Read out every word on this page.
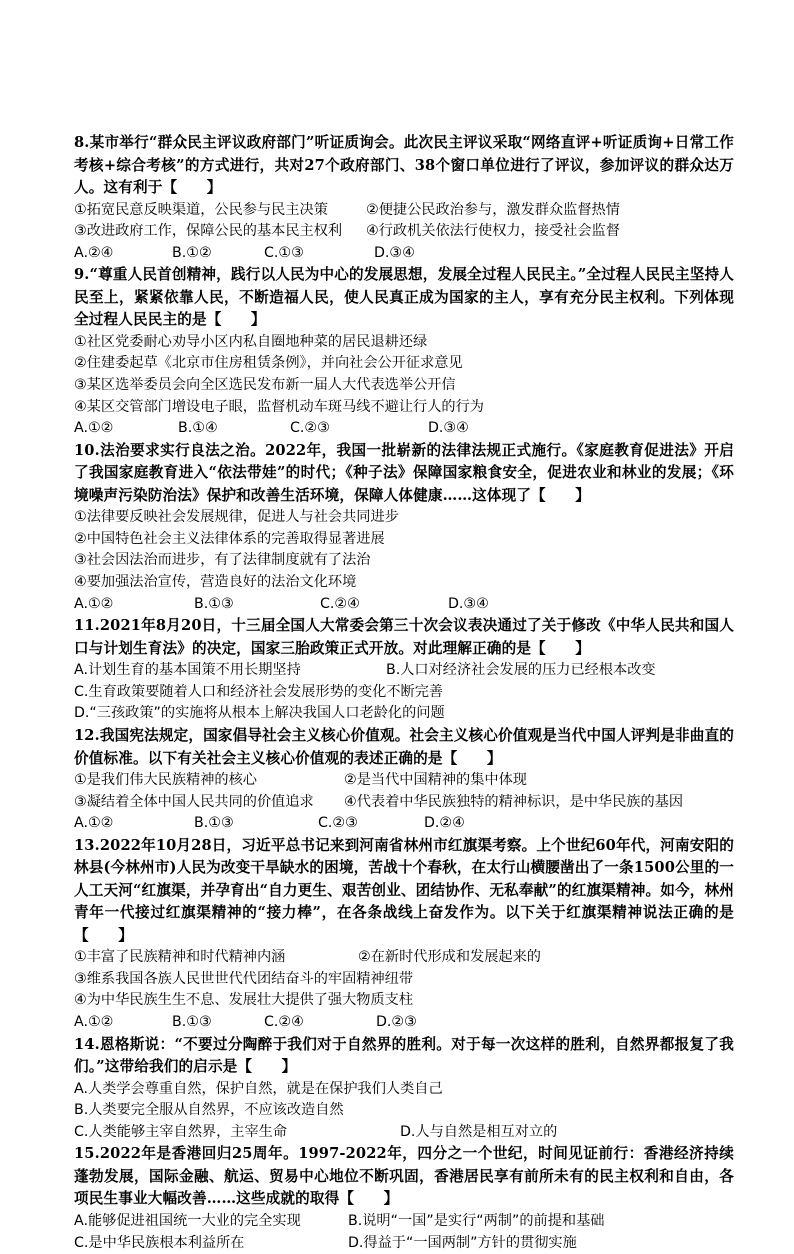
8.某市举行“群众民主评议政府部门”听证质询会。此次民主评议采取“网络直评+听证质询+日常工作考核+综合考核”的方式进行，共对27个政府部门、38个窗口单位进行了评议，参加评议的群众达万人。这有利于【　　】
①拓宽民意反映渠道，公民参与民主决策	②便捷公民政治参与，激发群众监督热情
③改进政府工作，保障公民的基本民主权利	④行政机关依法行使权力，接受社会监督
A.②④	B.①②	C.①③	D.③④
9.“尊重人民首创精神，践行以人民为中心的发展思想，发展全过程人民民主。”全过程人民民主坚持人民至上，紧紧依靠人民，不断造福人民，使人民真正成为国家的主人，享有充分民主权利。下列体现全过程人民民主的是【　　】
①社区党委耐心劝导小区内私自圈地种菜的居民退耕还绿
②住建委起草《北京市住房租赁条例》，并向社会公开征求意见
③某区选举委员会向全区选民发布新一届人大代表选举公开信
④某区交管部门增设电子眼，监督机动车斑马线不避让行人的行为
A.①②	B.①④	C.②③	D.③④
10.法治要求实行良法之治。2022年，我国一批崭新的法律法规正式施行。《家庭教育促进法》开启了我国家庭教育进入“依法带娃”的时代；《种子法》保障国家粮食安全，促进农业和林业的发展；《环境噪声污染防治法》保护和改善生活环境，保障人体健康……这体现了【　　】
①法律要反映社会发展规律，促进人与社会共同进步
②中国特色社会主义法律体系的完善取得显著进展
③社会因法治而进步，有了法律制度就有了法治
④要加强法治宣传，营造良好的法治文化环境
A.①②	B.①③	C.②④	D.③④
11.2021年8月20日，十三届全国人大常委会第三十次会议表决通过了关于修改《中华人民共和国人口与计划生育法》的决定，国家三胎政策正式开放。对此理解正确的是【　　】
A.计划生育的基本国策不用长期坚持	B.人口对经济社会发展的压力已经根本改变
C.生育政策要随着人口和经济社会发展形势的变化不断完善
D.“三孩政策”的实施将从根本上解决我国人口老龄化的问题
12.我国宪法规定，国家倡导社会主义核心价值观。社会主义核心价值观是当代中国人评判是非曲直的价值标准。以下有关社会主义核心价值观的表述正确的是【　　】
①是我们伟大民族精神的核心	②是当代中国精神的集中体现
③凝结着全体中国人民共同的价值追求	④代表着中华民族独特的精神标识，是中华民族的基因
A.①②	B.①③	C.②③	D.②④
13.2022年10月28日，习近平总书记来到河南省林州市红旗渠考察。上个世纪60年代，河南安阳的林县(今林州市)人民为改变干旱缺水的困境，苦战十个春秋，在太行山横腰凿出了一条1500公里的一人工天河“红旗渠，并孕育出“自力更生、艰苦创业、团结协作、无私奉献”的红旗渠精神。如今，林州青年一代接过红旗渠精神的“接力棒”，在各条战线上奋发作为。以下关于红旗渠精神说法正确的是【　　】
①丰富了民族精神和时代精神内涵	②在新时代形成和发展起来的
③维系我国各族人民世世代代团结奋斗的牢固精神纽带
④为中华民族生生不息、发展壮大提供了强大物质支柱
A.①②	B.①③	C.②④	D.②③
14.恩格斯说：“不要过分陶醉于我们对于自然界的胜利。对于每一次这样的胜利，自然界都报复了我们。”这带给我们的启示是【　　】
A.人类学会尊重自然，保护自然，就是在保护我们人类自己
B.人类要完全服从自然界，不应该改造自然
C.人类能够主宰自然界，主宰生命	D.人与自然是相互对立的
15.2022年是香港回归25周年。1997-2022年，四分之一个世纪，时间见证前行：香港经济持续蓬勃发展，国际金融、航运、贸易中心地位不断巩固，香港居民享有前所未有的民主权利和自由，各项民生事业大幅改善……这些成就的取得【　　】
A.能够促进祖国统一大业的完全实现	B.说明“一国”是实行“两制”的前提和基础
C.是中华民族根本利益所在	D.得益于“一国两制”方针的贯彻实施
